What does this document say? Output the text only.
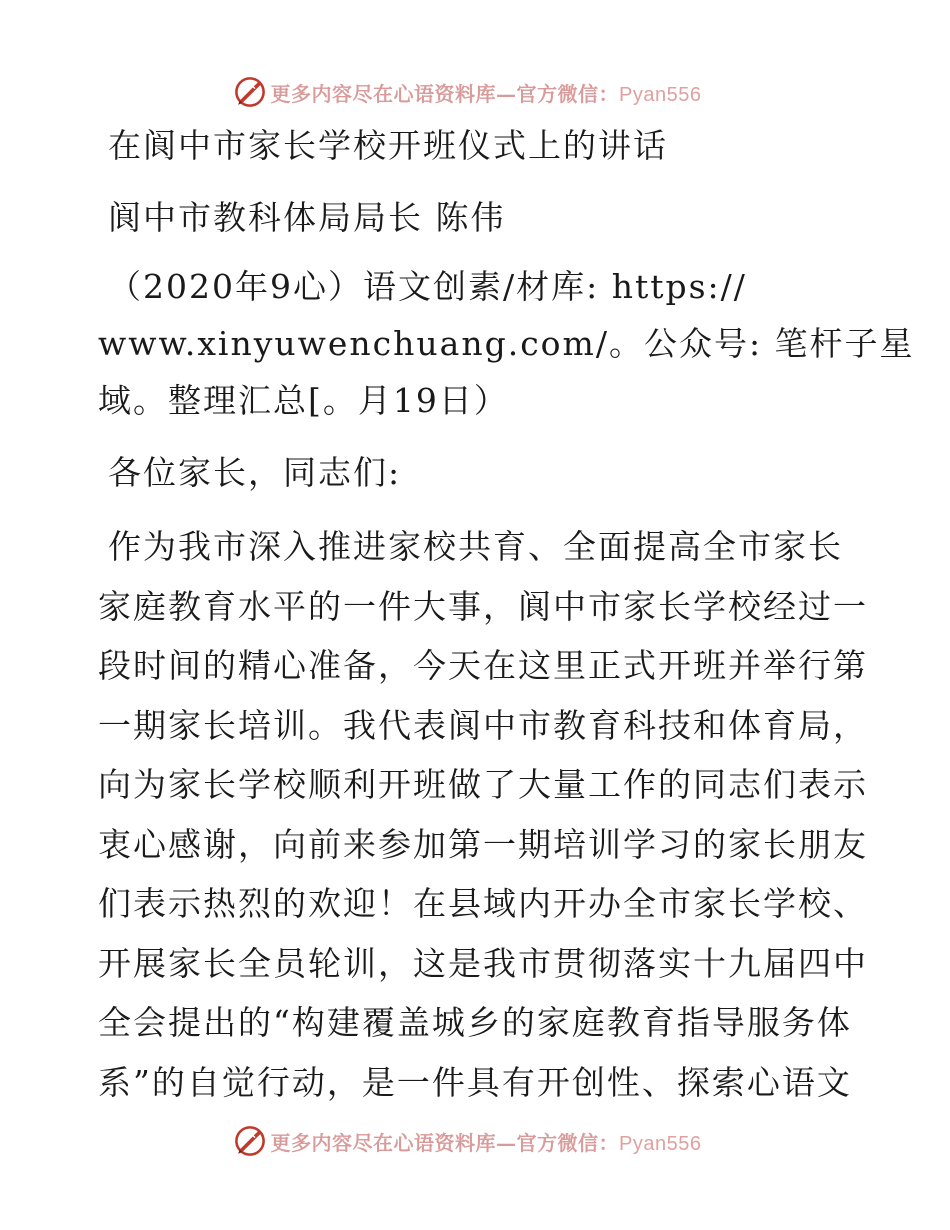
更多内容尽在心语资料库—官方微信：Pyan556
在阆中市家长学校开班仪式上的讲话
阆中市教科体局局长 陈伟
（2020年9心）语文创素/材库: https://
www.xinyuwenchuang.com/。公众号: 笔杆子星
域。整理汇总[。月19日）
各位家长，同志们:
作为我市深入推进家校共育、全面提高全市家长
家庭教育水平的一件大事，阆中市家长学校经过一
段时间的精心准备，今天在这里正式开班并举行第
一期家长培训。我代表阆中市教育科技和体育局，
向为家长学校顺利开班做了大量工作的同志们表示
衷心感谢，向前来参加第一期培训学习的家长朋友
们表示热烈的欢迎！在县域内开办全市家长学校、
开展家长全员轮训，这是我市贯彻落实十九届四中
全会提出的“构建覆盖城乡的家庭教育指导服务体
系”的自觉行动，是一件具有开创性、探索心语文
更多内容尽在心语资料库—官方微信：Pyan556
